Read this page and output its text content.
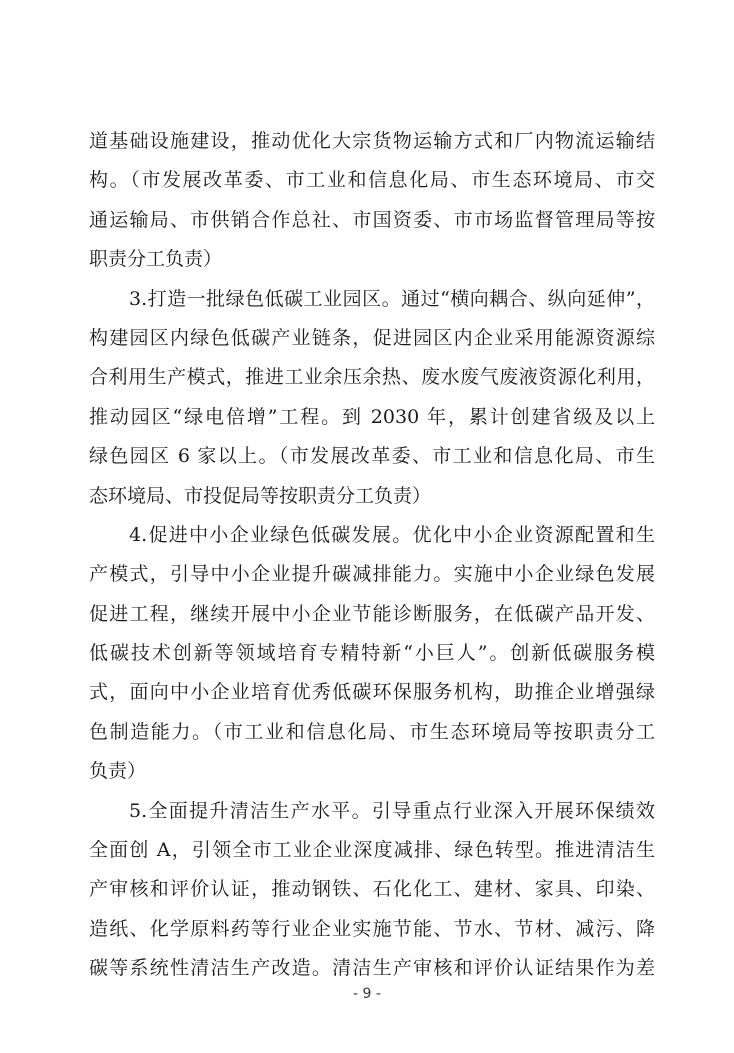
道基础设施建设，推动优化大宗货物运输方式和厂内物流运输结
构。（市发展改革委、市工业和信息化局、市生态环境局、市交
通运输局、市供销合作总社、市国资委、市市场监督管理局等按
职责分工负责）
3.打造一批绿色低碳工业园区。通过“横向耦合、纵向延伸”，
构建园区内绿色低碳产业链条，促进园区内企业采用能源资源综
合利用生产模式，推进工业余压余热、废水废气废液资源化利用，
推动园区“绿电倍增”工程。到 2030 年，累计创建省级及以上
绿色园区 6 家以上。（市发展改革委、市工业和信息化局、市生
态环境局、市投促局等按职责分工负责）
4.促进中小企业绿色低碳发展。优化中小企业资源配置和生
产模式，引导中小企业提升碳减排能力。实施中小企业绿色发展
促进工程，继续开展中小企业节能诊断服务，在低碳产品开发、
低碳技术创新等领域培育专精特新“小巨人”。创新低碳服务模
式，面向中小企业培育优秀低碳环保服务机构，助推企业增强绿
色制造能力。（市工业和信息化局、市生态环境局等按职责分工
负责）
5.全面提升清洁生产水平。引导重点行业深入开展环保绩效
全面创 A，引领全市工业企业深度减排、绿色转型。推进清洁生
产审核和评价认证，推动钢铁、石化化工、建材、家具、印染、
造纸、化学原料药等行业企业实施节能、节水、节材、减污、降
碳等系统性清洁生产改造。清洁生产审核和评价认证结果作为差
- 9 -
